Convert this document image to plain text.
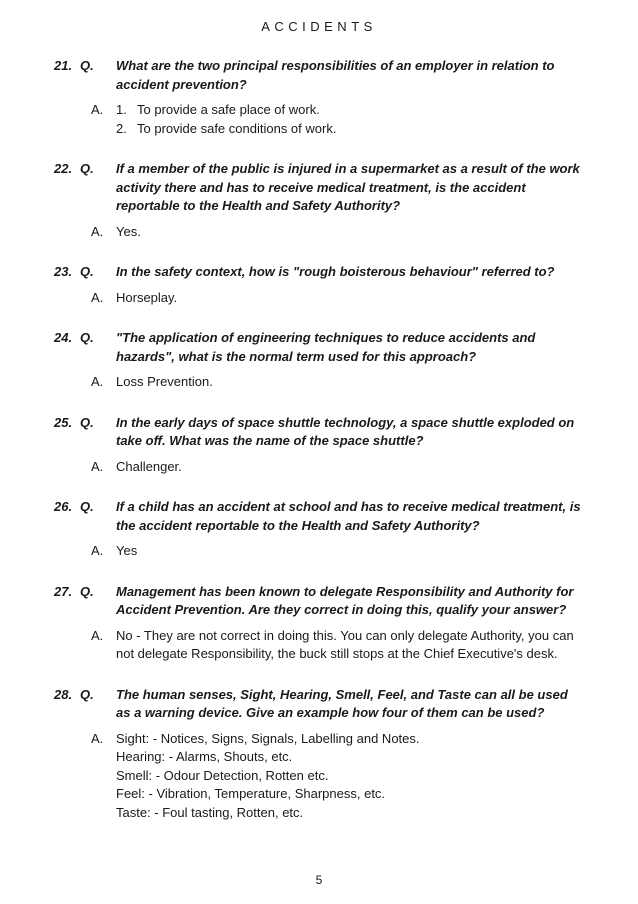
ACCIDENTS
21. Q.	What are the two principal responsibilities of an employer in relation to accident prevention?
A. 1. To provide a safe place of work.
2. To provide safe conditions of work.
22. Q.	If a member of the public is injured in a supermarket as a result of the work activity there and has to receive medical treatment, is the accident reportable to the Health and Safety Authority?
A. Yes.
23. Q.	In the safety context, how is "rough boisterous behaviour" referred to?
A. Horseplay.
24. Q.	"The application of engineering techniques to reduce accidents and hazards", what is the normal term used for this approach?
A. Loss Prevention.
25. Q.	In the early days of space shuttle technology, a space shuttle exploded on take off. What was the name of the space shuttle?
A. Challenger.
26. Q.	If a child has an accident at school and has to receive medical treatment, is the accident reportable to the Health and Safety Authority?
A. Yes
27. Q.	Management has been known to delegate Responsibility and Authority for Accident Prevention. Are they correct in doing this, qualify your answer?
A. No - They are not correct in doing this. You can only delegate Authority, you can not delegate Responsibility, the buck still stops at the Chief Executive's desk.
28. Q.	The human senses, Sight, Hearing, Smell, Feel, and Taste can all be used as a warning device. Give an example how four of them can be used?
A. Sight: - Notices, Signs, Signals, Labelling and Notes.
Hearing: - Alarms, Shouts, etc.
Smell: - Odour Detection, Rotten etc.
Feel: - Vibration, Temperature, Sharpness, etc.
Taste: - Foul tasting, Rotten, etc.
5
